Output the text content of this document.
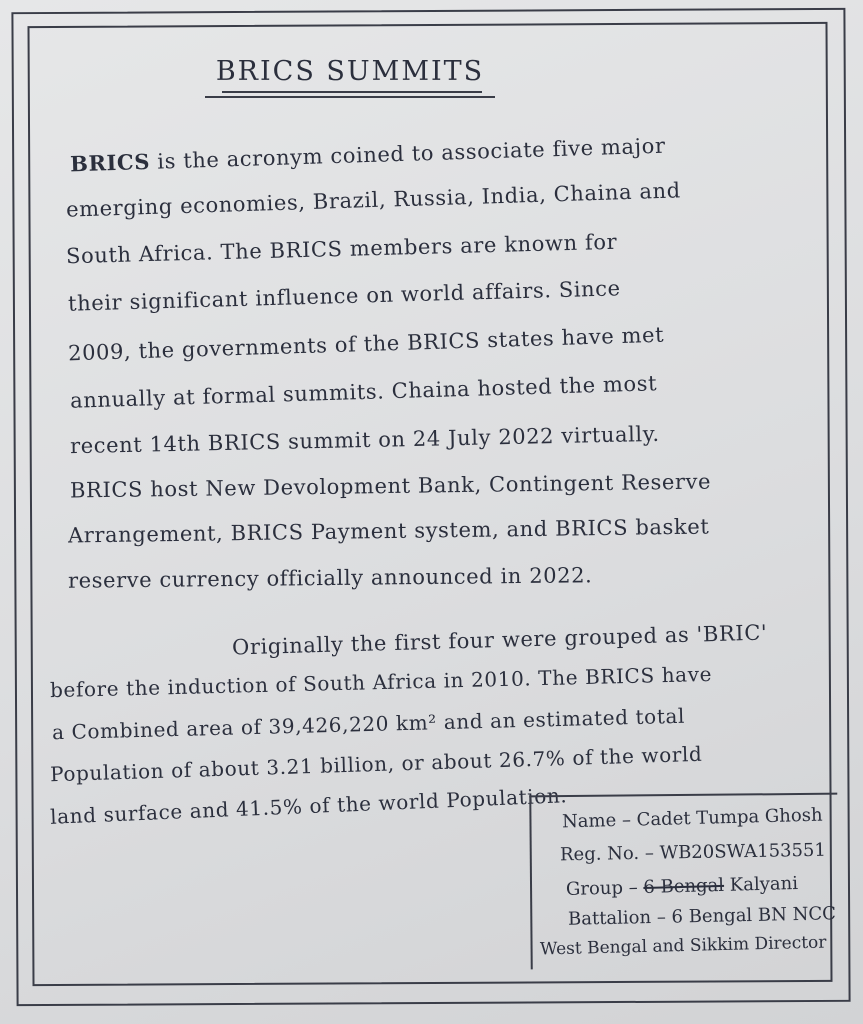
BRICS SUMMITS
BRICS is the acronym coined to associate five major
emerging economies, Brazil, Russia, India, Chaina and
South Africa. The BRICS members are known for
their significant influence on world affairs. Since
2009, the governments of the BRICS states have met
annually at formal summits. Chaina hosted the most
recent 14th BRICS summit on 24 July 2022 virtually.
BRICS host New Devolopment Bank, Contingent Reserve
Arrangement, BRICS Payment system, and BRICS basket
reserve currency officially announced in 2022.
Originally the first four were grouped as 'BRIC'
before the induction of South Africa in 2010. The BRICS have
a Combined area of 39,426,220 km² and an estimated total
Population of about 3.21 billion, or about 26.7% of the world
land surface and 41.5% of the world Population.
Name – Cadet Tumpa Ghosh
Reg. No. – WB20SWA153551
Group – 6 Bengal Kalyani
Battalion – 6 Bengal BN NCC
West Bengal and Sikkim Director
